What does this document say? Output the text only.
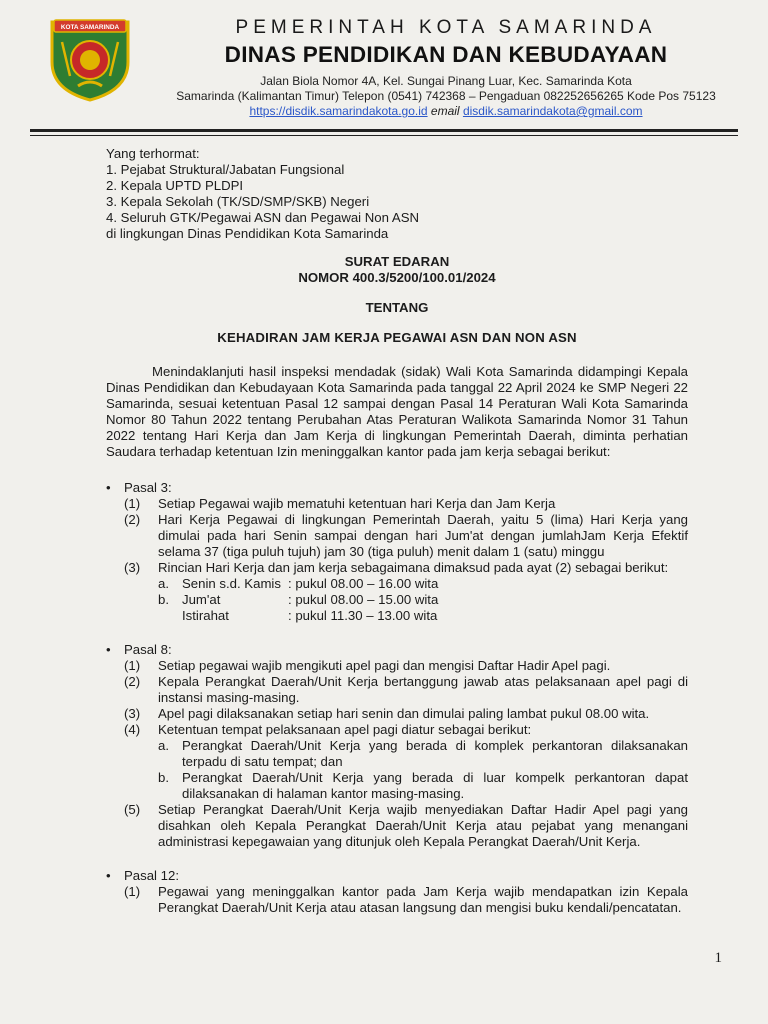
KOTA SAMARINDA	PEMERINTAH KOTA SAMARINDA
DINAS PENDIDIKAN DAN KEBUDAYAAN
Jalan Biola Nomor 4A, Kel. Sungai Pinang Luar, Kec. Samarinda Kota
Samarinda (Kalimantan Timur) Telepon (0541) 742368 – Pengaduan 082252656265 Kode Pos 75123
https://disdik.samarindakota.go.id email disdik.samarindakota@gmail.com

Yang terhormat:

1. Pejabat Struktural/Jabatan Fungsional

2. Kepala UPTD PLDPI

3. Kepala Sekolah (TK/SD/SMP/SKB) Negeri

4. Seluruh GTK/Pegawai ASN dan Pegawai Non ASN

di lingkungan Dinas Pendidikan Kota Samarinda

SURAT EDARAN
NOMOR 400.3/5200/100.01/2024
TENTANG
KEHADIRAN JAM KERJA PEGAWAI ASN DAN NON ASN
Menindaklanjuti hasil inspeksi mendadak (sidak) Wali Kota Samarinda didampingi Kepala Dinas Pendidikan dan Kebudayaan Kota Samarinda pada tanggal 22 April 2024 ke SMP Negeri 22 Samarinda, sesuai ketentuan Pasal 12 sampai dengan Pasal 14 Peraturan Wali Kota Samarinda Nomor 80 Tahun 2022 tentang Perubahan Atas Peraturan Walikota Samarinda Nomor 31 Tahun 2022 tentang Hari Kerja dan Jam Kerja di lingkungan Pemerintah Daerah, diminta perhatian Saudara terhadap ketentuan Izin meninggalkan kantor pada jam kerja sebagai berikut:
• Pasal 3:
(1) Setiap Pegawai wajib mematuhi ketentuan hari Kerja dan Jam Kerja
(2) Hari Kerja Pegawai di lingkungan Pemerintah Daerah, yaitu 5 (lima) Hari Kerja yang dimulai pada hari Senin sampai dengan hari Jum'at dengan jumlahJam Kerja Efektif selama 37 (tiga puluh tujuh) jam 30 (tiga puluh) menit dalam 1 (satu) minggu
(3) Rincian Hari Kerja dan jam kerja sebagaimana dimaksud pada ayat (2) sebagai berikut:
a. Senin s.d. Kamis : pukul 08.00 – 16.00 wita
b. Jum'at	: pukul 08.00 – 15.00 wita
Istirahat	: pukul 11.30 – 13.00 wita
• Pasal 8:
(1) Setiap pegawai wajib mengikuti apel pagi dan mengisi Daftar Hadir Apel pagi.
(2) Kepala Perangkat Daerah/Unit Kerja bertanggung jawab atas pelaksanaan apel pagi di instansi masing-masing.
(3) Apel pagi dilaksanakan setiap hari senin dan dimulai paling lambat pukul 08.00 wita.
(4) Ketentuan tempat pelaksanaan apel pagi diatur sebagai berikut:
a. Perangkat Daerah/Unit Kerja yang berada di komplek perkantoran dilaksanakan terpadu di satu tempat; dan
b. Perangkat Daerah/Unit Kerja yang berada di luar kompelk perkantoran dapat dilaksanakan di halaman kantor masing-masing.
(5) Setiap Perangkat Daerah/Unit Kerja wajib menyediakan Daftar Hadir Apel pagi yang disahkan oleh Kepala Perangkat Daerah/Unit Kerja atau pejabat yang menangani administrasi kepegawaian yang ditunjuk oleh Kepala Perangkat Daerah/Unit Kerja.
• Pasal 12:
(1) Pegawai yang meninggalkan kantor pada Jam Kerja wajib mendapatkan izin Kepala Perangkat Daerah/Unit Kerja atau atasan langsung dan mengisi buku kendali/pencatatan.
1
